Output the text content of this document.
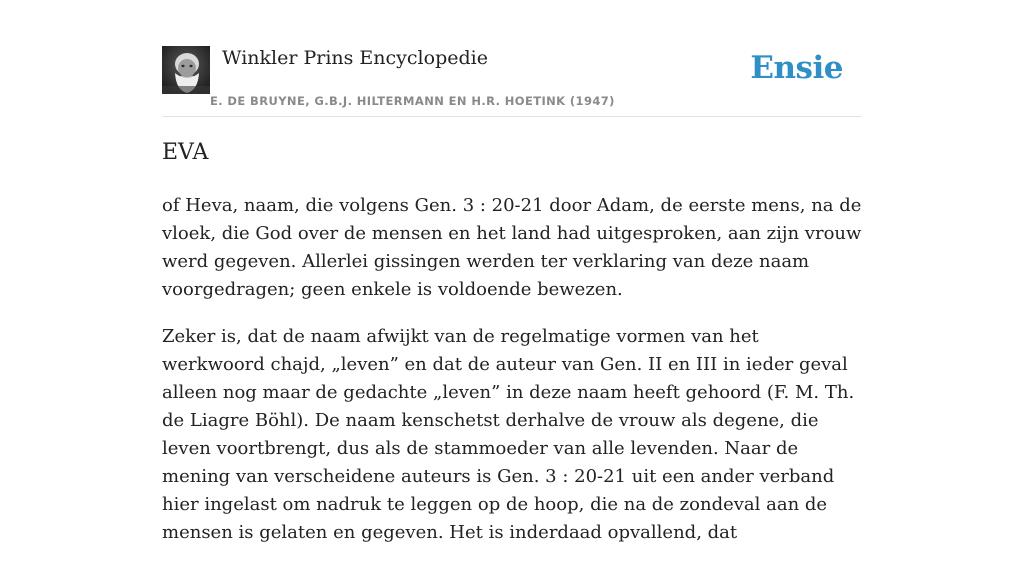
Winkler Prins Encyclopedie
E. DE BRUYNE, G.B.J. HILTERMANN EN H.R. HOETINK (1947)
Ensie
EVA

of Heva, naam, die volgens Gen. 3 : 20-21 door Adam, de eerste mens, na de vloek, die God over de mensen en het land had uitgesproken, aan zijn vrouw werd gegeven. Allerlei gissingen werden ter verklaring van deze naam voorgedragen; geen enkele is voldoende bewezen.

Zeker is, dat de naam afwijkt van de regelmatige vormen van het werkwoord chajd, „leven” en dat de auteur van Gen. II en III in ieder geval alleen nog maar de gedachte „leven” in deze naam heeft gehoord (F. M. Th. de Liagre Böhl). De naam kenschetst derhalve de vrouw als degene, die leven voortbrengt, dus als de stammoeder van alle levenden. Naar de mening van verscheidene auteurs is Gen. 3 : 20-21 uit een ander verband hier ingelast om nadruk te leggen op de hoop, die na de zondeval aan de mensen is gelaten en gegeven. Het is inderdaad opvallend, dat
